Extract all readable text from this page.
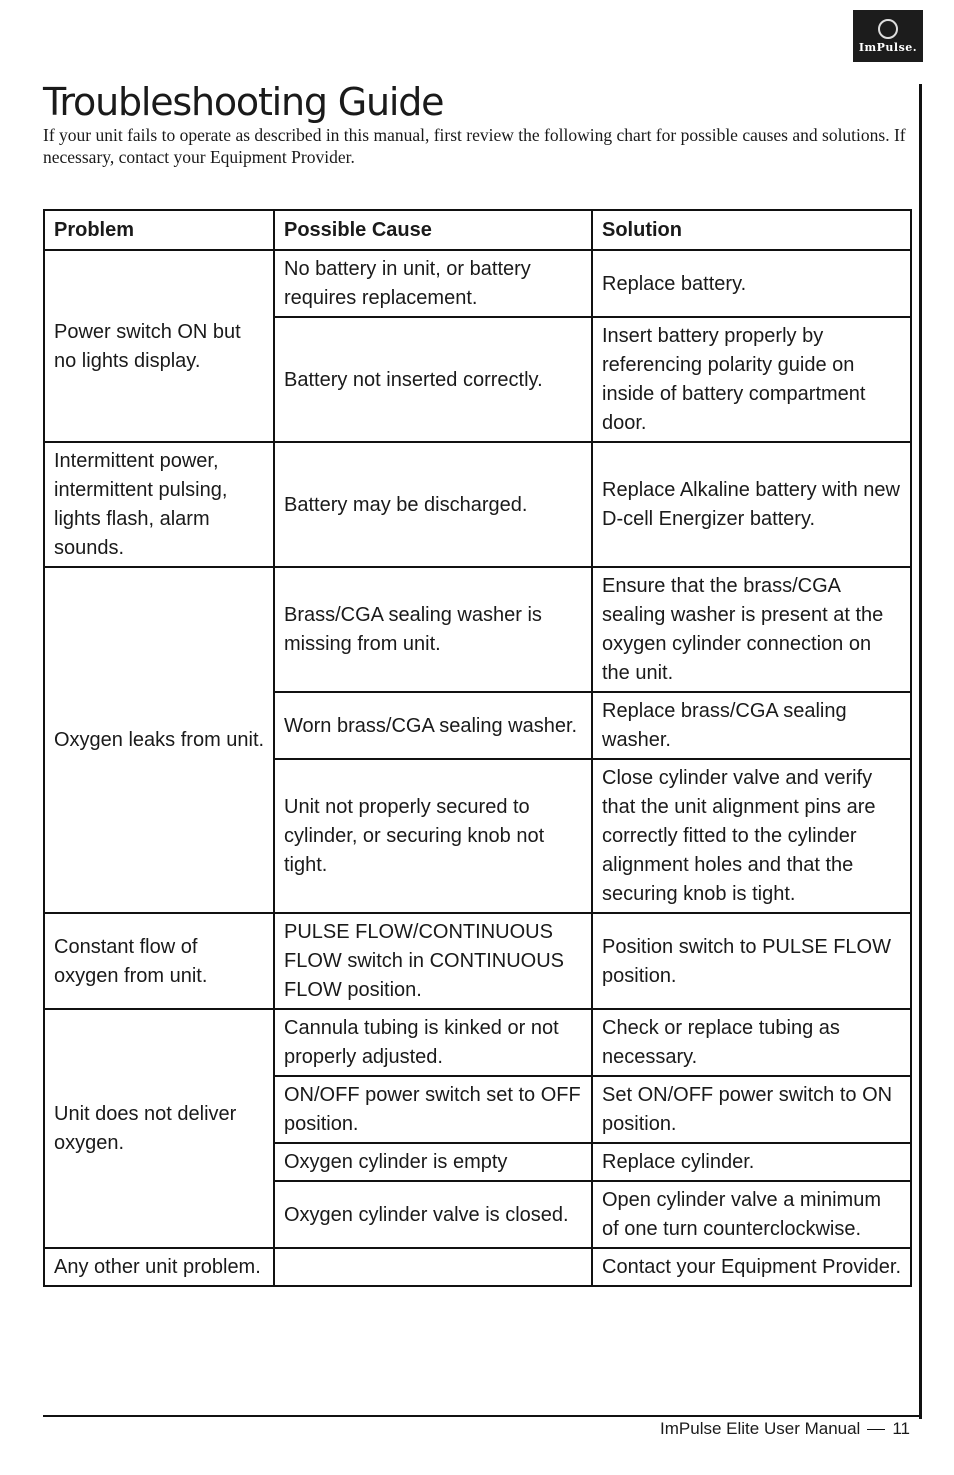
ImPulse.
Troubleshooting Guide

If your unit fails to operate as described in this manual, first review the following chart for possible causes and solutions. If necessary, contact your Equipment Provider.

Problem	Possible Cause	Solution
Power switch ON but no lights display.	No battery in unit, or battery requires replacement.	Replace battery.
	Battery not inserted correctly.	Insert battery properly by referencing polarity guide on inside of battery compartment door.
Intermittent power, intermittent pulsing, lights flash, alarm sounds.	Battery may be discharged.	Replace Alkaline battery with new D-cell Energizer battery.
Oxygen leaks from unit.	Brass/CGA sealing washer is missing from unit.	Ensure that the brass/CGA sealing washer is present at the oxygen cylinder connection on the unit.
	Worn brass/CGA sealing washer.	Replace brass/CGA sealing washer.
	Unit not properly secured to cylinder, or securing knob not tight.	Close cylinder valve and verify that the unit alignment pins are correctly fitted to the cylinder alignment holes and that the securing knob is tight.
Constant flow of oxygen from unit.	PULSE FLOW/CONTINUOUS FLOW switch in CONTINUOUS FLOW position.	Position switch to PULSE FLOW position.
Unit does not deliver oxygen.	Cannula tubing is kinked or not properly adjusted.	Check or replace tubing as necessary.
	ON/OFF power switch set to OFF position.	Set ON/OFF power switch to ON position.
	Oxygen cylinder is empty	Replace cylinder.
	Oxygen cylinder valve is closed.	Open cylinder valve a minimum of one turn counterclockwise.
Any other unit problem.		Contact your Equipment Provider.
ImPulse Elite User Manual 11
